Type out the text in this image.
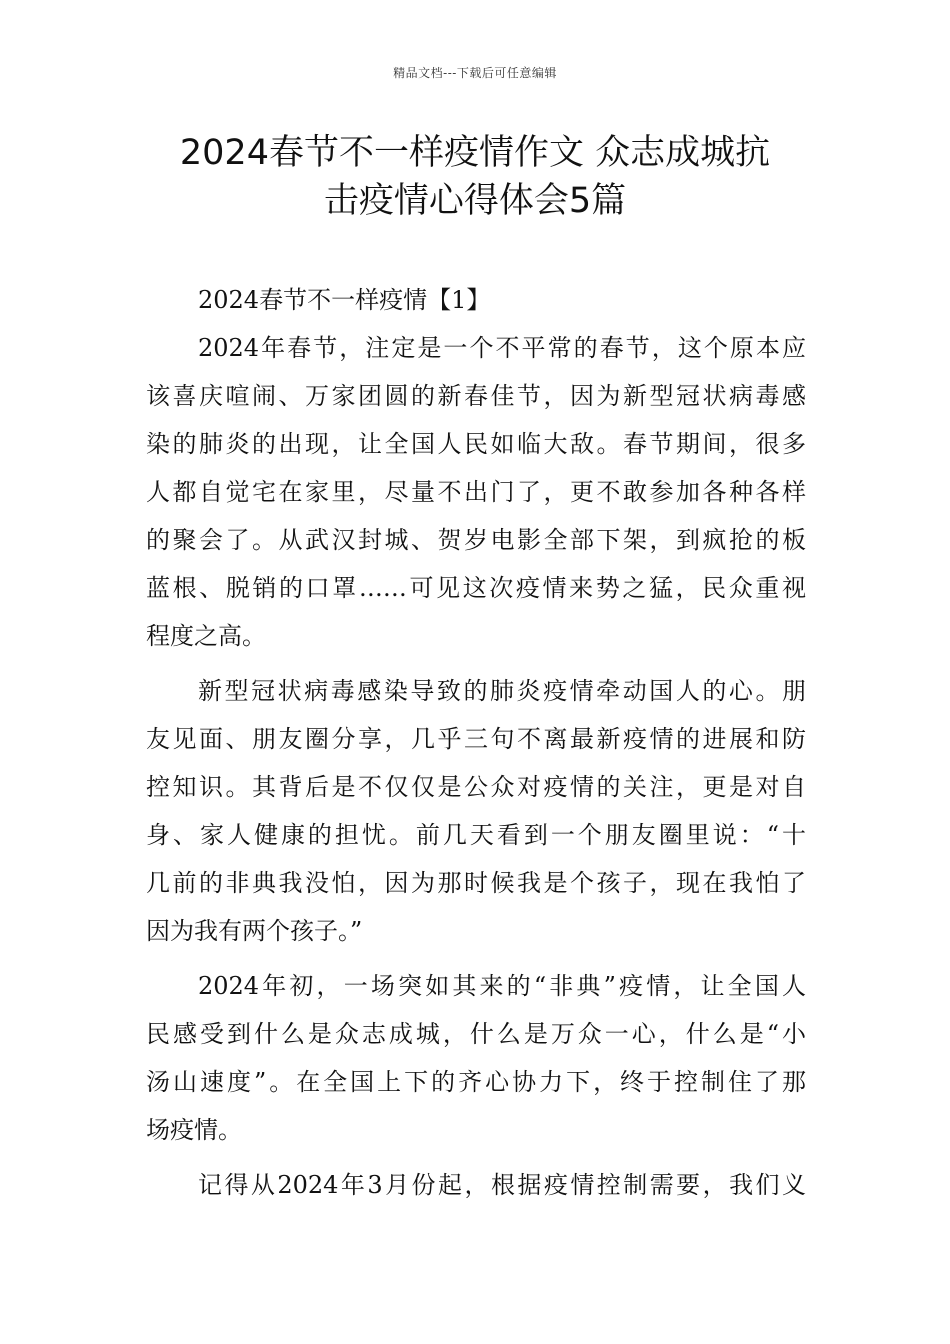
精品文档---下载后可任意编辑
2024春节不一样疫情作文 众志成城抗
击疫情心得体会5篇
2024春节不一样疫情【1】
2024年春节，注定是一个不平常的春节，这个原本应
该喜庆喧闹、万家团圆的新春佳节，因为新型冠状病毒感
染的肺炎的出现，让全国人民如临大敌。春节期间，很多
人都自觉宅在家里，尽量不出门了，更不敢参加各种各样
的聚会了。从武汉封城、贺岁电影全部下架，到疯抢的板
蓝根、脱销的口罩……可见这次疫情来势之猛，民众重视
程度之高。
新型冠状病毒感染导致的肺炎疫情牵动国人的心。朋
友见面、朋友圈分享，几乎三句不离最新疫情的进展和防
控知识。其背后是不仅仅是公众对疫情的关注，更是对自
身、家人健康的担忧。前几天看到一个朋友圈里说：“十
几前的非典我没怕，因为那时候我是个孩子，现在我怕了
因为我有两个孩子。”
2024年初，一场突如其来的“非典”疫情，让全国人
民感受到什么是众志成城，什么是万众一心，什么是“小
汤山速度”。在全国上下的齐心协力下，终于控制住了那
场疫情。
记得从2024年3月份起，根据疫情控制需要，我们义
